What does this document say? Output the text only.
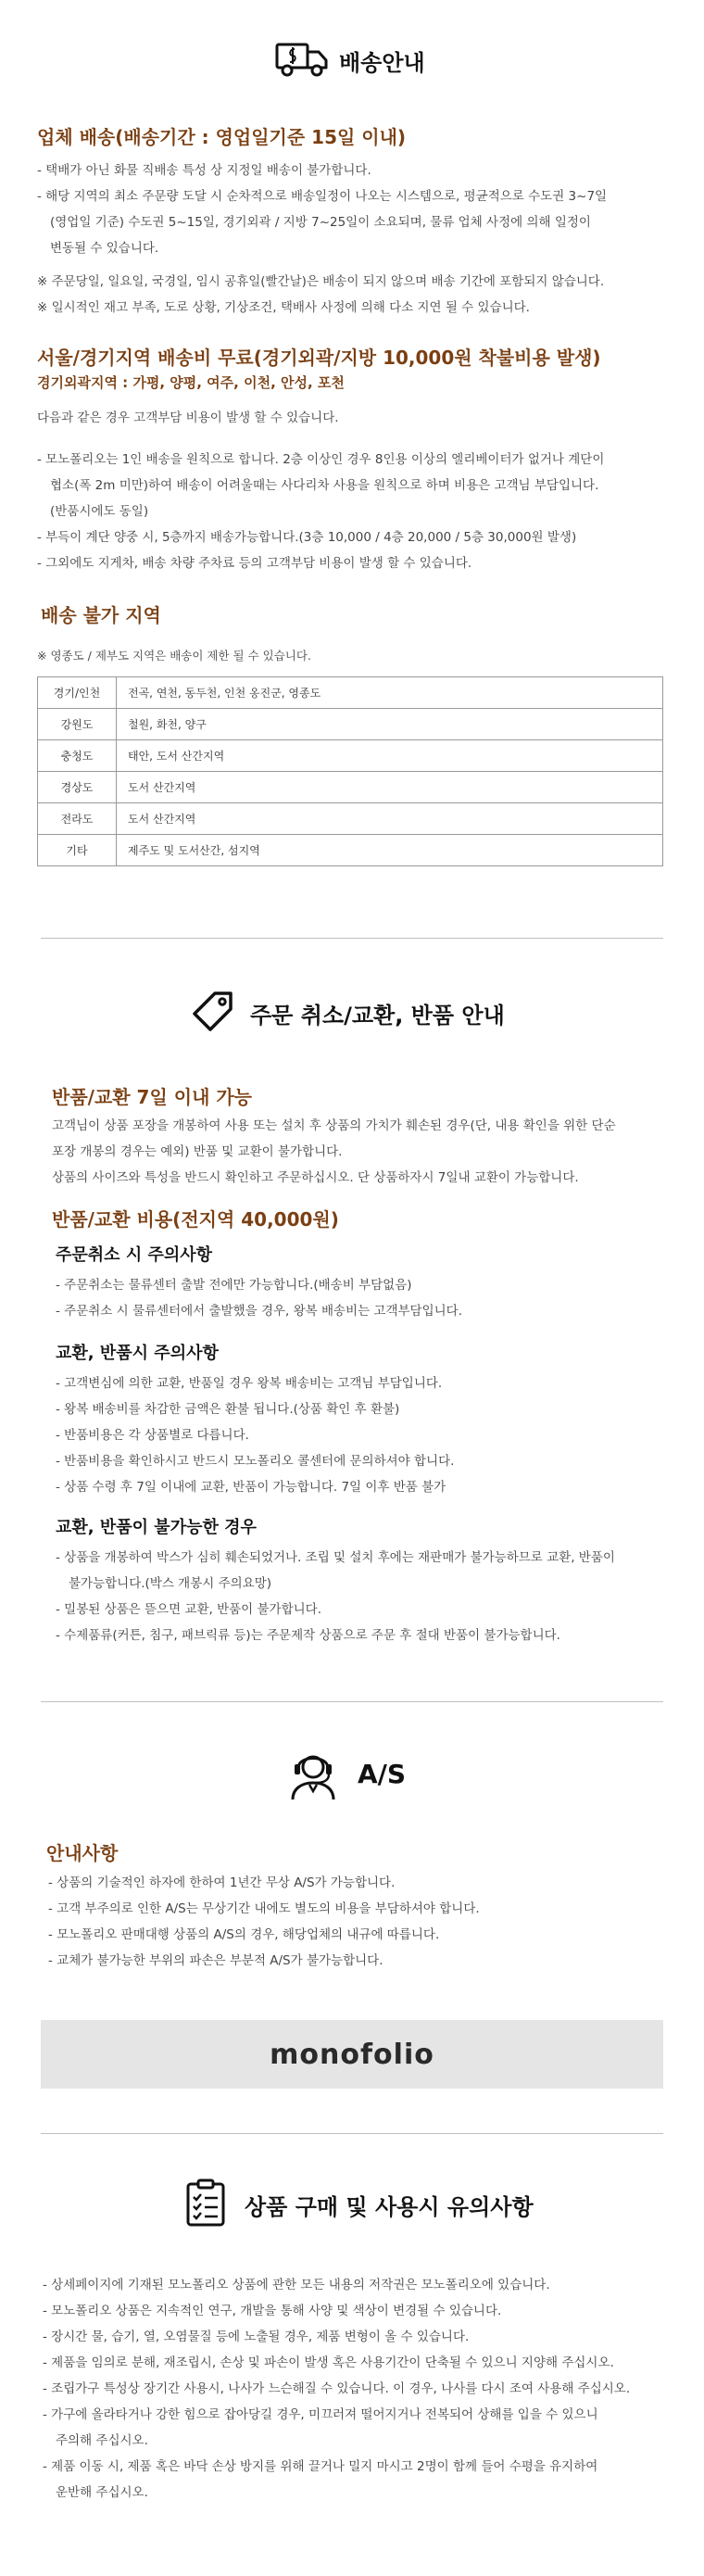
배송안내
업체 배송(배송기간 : 영업일기준 15일 이내)
- 택배가 아닌 화물 직배송 특성 상 지정일 배송이 불가합니다.
- 해당 지역의 최소 주문량 도달 시 순차적으로 배송일정이 나오는 시스템으로, 평균적으로 수도권 3~7일
(영업일 기준) 수도권 5~15일, 경기외곽 / 지방 7~25일이 소요되며, 물류 업체 사정에 의해 일정이
변동될 수 있습니다.
※ 주문당일, 일요일, 국경일, 임시 공휴일(빨간날)은 배송이 되지 않으며 배송 기간에 포함되지 않습니다.
※ 일시적인 재고 부족, 도로 상황, 기상조건, 택배사 사정에 의해 다소 지연 될 수 있습니다.
서울/경기지역 배송비 무료(경기외곽/지방 10,000원 착불비용 발생)
경기외곽지역 : 가평, 양평, 여주, 이천, 안성, 포천
다음과 같은 경우 고객부담 비용이 발생 할 수 있습니다.
- 모노폴리오는 1인 배송을 원칙으로 합니다. 2층 이상인 경우 8인용 이상의 엘리베이터가 없거나 계단이
협소(폭 2m 미만)하여 배송이 어려울때는 사다리차 사용을 원칙으로 하며 비용은 고객님 부담입니다.
(반품시에도 동일)
- 부득이 계단 양중 시, 5층까지 배송가능합니다.(3층 10,000 / 4층 20,000 / 5층 30,000원 발생)
- 그외에도 지게차, 배송 차량 주차료 등의 고객부담 비용이 발생 할 수 있습니다.
배송 불가 지역
※ 영종도 / 제부도 지역은 배송이 제한 될 수 있습니다.
경기/인천	전곡, 연천, 동두천, 인천 옹진군, 영종도
강원도	철원, 화천, 양구
충청도	태안, 도서 산간지역
경상도	도서 산간지역
전라도	도서 산간지역
기타	제주도 및 도서산간, 섬지역
주문 취소/교환, 반품 안내
반품/교환 7일 이내 가능
고객님이 상품 포장을 개봉하여 사용 또는 설치 후 상품의 가치가 훼손된 경우(단, 내용 확인을 위한 단순
포장 개봉의 경우는 예외) 반품 및 교환이 불가합니다.
상품의 사이즈와 특성을 반드시 확인하고 주문하십시오. 단 상품하자시 7일내 교환이 가능합니다.
반품/교환 비용(전지역 40,000원)
주문취소 시 주의사항
- 주문취소는 물류센터 출발 전에만 가능합니다.(배송비 부담없음)
- 주문취소 시 물류센터에서 출발했을 경우, 왕복 배송비는 고객부담입니다.
교환, 반품시 주의사항
- 고객변심에 의한 교환, 반품일 경우 왕복 배송비는 고객님 부담입니다.
- 왕복 배송비를 차감한 금액은 환불 됩니다.(상품 확인 후 환불)
- 반품비용은 각 상품별로 다릅니다.
- 반품비용을 확인하시고 반드시 모노폴리오 콜센터에 문의하셔야 합니다.
- 상품 수령 후 7일 이내에 교환, 반품이 가능합니다. 7일 이후 반품 불가
교환, 반품이 불가능한 경우
- 상품을 개봉하여 박스가 심히 훼손되었거나. 조립 및 설치 후에는 재판매가 불가능하므로 교환, 반품이
불가능합니다.(박스 개봉시 주의요망)
- 밀봉된 상품은 뜯으면 교환, 반품이 불가합니다.
- 수제품류(커튼, 침구, 패브릭류 등)는 주문제작 상품으로 주문 후 절대 반품이 불가능합니다.
A/S
안내사항
- 상품의 기술적인 하자에 한하여 1년간 무상 A/S가 가능합니다.
- 고객 부주의로 인한 A/S는 무상기간 내에도 별도의 비용을 부담하셔야 합니다.
- 모노폴리오 판매대행 상품의 A/S의 경우, 해당업체의 내규에 따릅니다.
- 교체가 불가능한 부위의 파손은 부분적 A/S가 불가능합니다.
monofolio
상품 구매 및 사용시 유의사항
- 상세페이지에 기재된 모노폴리오 상품에 관한 모든 내용의 저작권은 모노폴리오에 있습니다.
- 모노폴리오 상품은 지속적인 연구, 개발을 통해 사양 및 색상이 변경될 수 있습니다.
- 장시간 물, 습기, 열, 오염물질 등에 노출될 경우, 제품 변형이 올 수 있습니다.
- 제품을 임의로 분해, 재조립시, 손상 및 파손이 발생 혹은 사용기간이 단축될 수 있으니 지양해 주십시오.
- 조립가구 특성상 장기간 사용시, 나사가 느슨해질 수 있습니다. 이 경우, 나사를 다시 조여 사용해 주십시오.
- 가구에 올라타거나 강한 힘으로 잡아당길 경우, 미끄러져 떨어지거나 전복되어 상해를 입을 수 있으니
주의해 주십시오.
- 제품 이동 시, 제품 혹은 바닥 손상 방지를 위해 끌거나 밀지 마시고 2명이 함께 들어 수평을 유지하여
운반해 주십시오.
